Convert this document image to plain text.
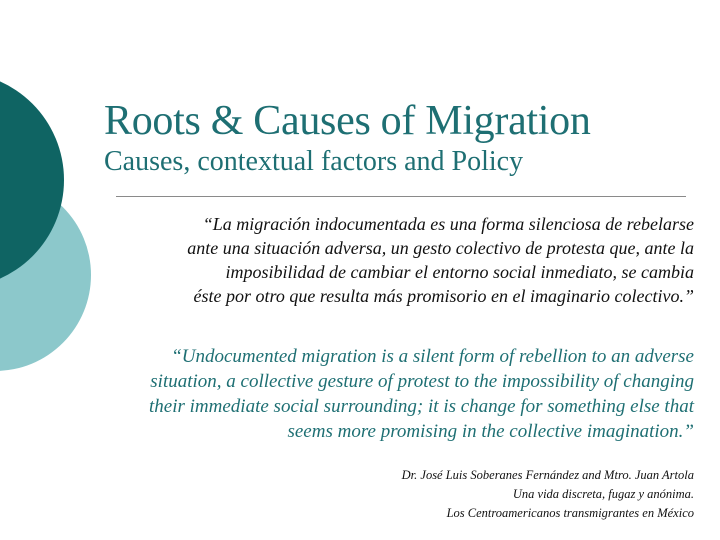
Roots & Causes of Migration
Causes, contextual factors and Policy
“La migración indocumentada es una forma silenciosa de rebelarse
ante una situación adversa, un gesto colectivo de protesta que, ante la
imposibilidad de cambiar el entorno social inmediato, se cambia
éste por otro que resulta más promisorio en el imaginario colectivo.”
“Undocumented migration is a silent form of rebellion to an adverse
situation, a collective gesture of protest to the impossibility of changing
their immediate social surrounding; it is change for something else that
seems more promising in the collective imagination.”
Dr. José Luis Soberanes Fernández and Mtro. Juan Artola
Una vida discreta, fugaz y anónima.
Los Centroamericanos transmigrantes en México
